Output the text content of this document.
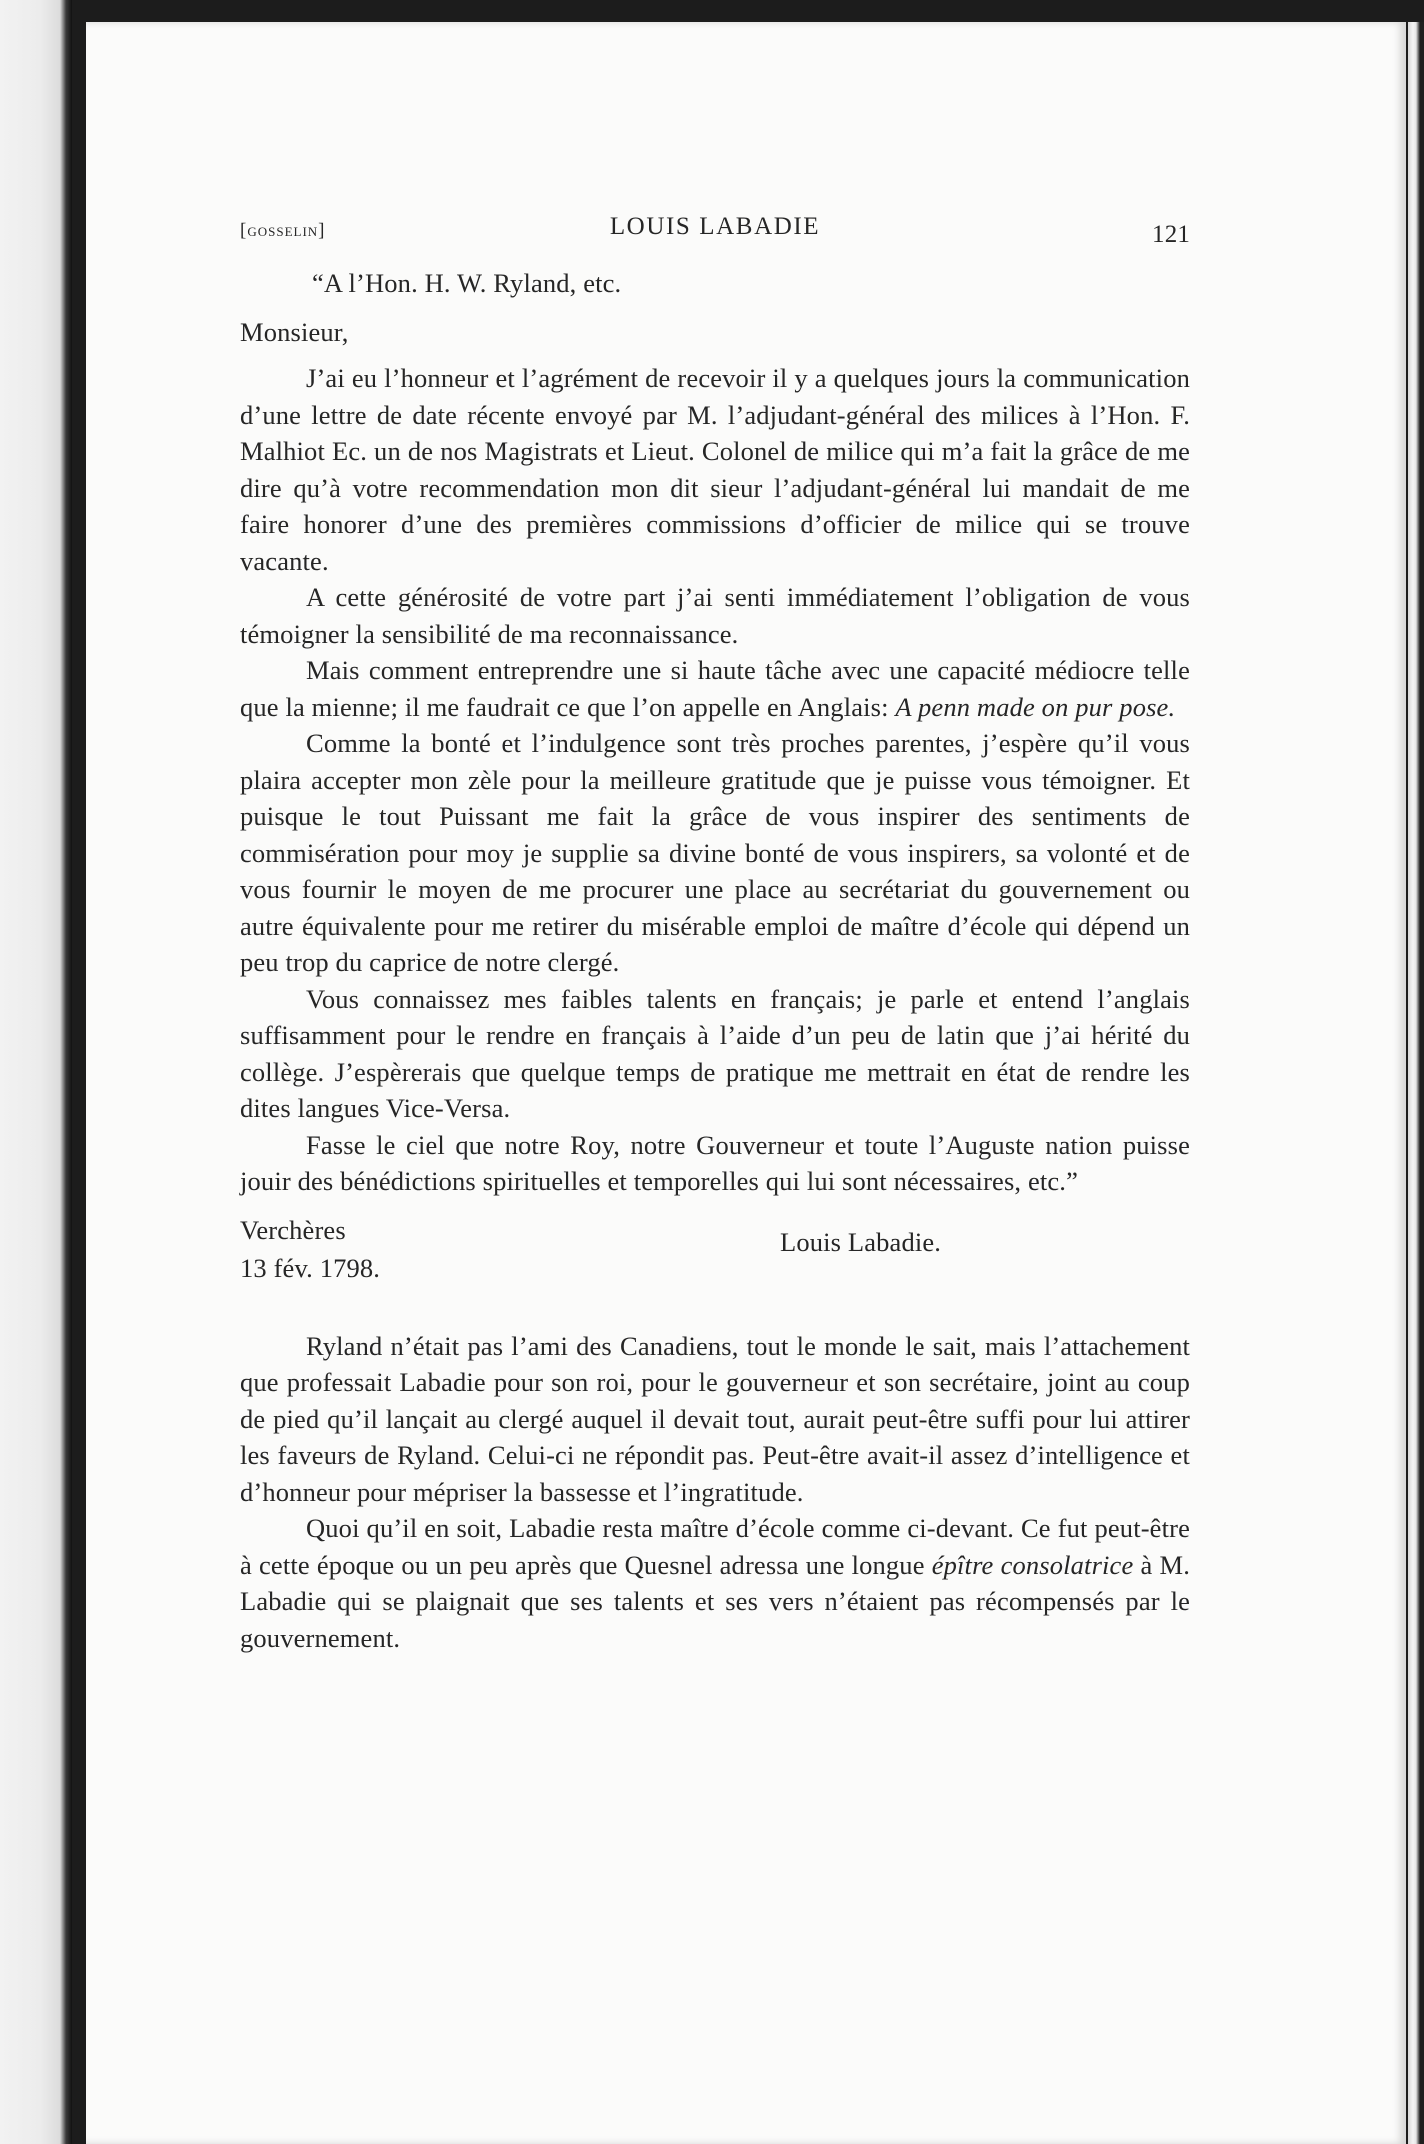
[gosselin]	LOUIS LABADIE	121
“A l’Hon. H. W. Ryland, etc.
Monsieur,

J’ai eu l’honneur et l’agrément de recevoir il y a quelques jours la communication d’une lettre de date récente envoyé par M. l’adjudant-général des milices à l’Hon. F. Malhiot Ec. un de nos Magistrats et Lieut. Colonel de milice qui m’a fait la grâce de me dire qu’à votre recommendation mon dit sieur l’adjudant-général lui mandait de me faire honorer d’une des premières commissions d’officier de milice qui se trouve vacante.

A cette générosité de votre part j’ai senti immédiatement l’obligation de vous témoigner la sensibilité de ma reconnaissance.

Mais comment entreprendre une si haute tâche avec une capacité médiocre telle que la mienne; il me faudrait ce que l’on appelle en Anglais: A penn made on pur pose.

Comme la bonté et l’indulgence sont très proches parentes, j’espère qu’il vous plaira accepter mon zèle pour la meilleure gratitude que je puisse vous témoigner. Et puisque le tout Puissant me fait la grâce de vous inspirer des sentiments de commisération pour moy je supplie sa divine bonté de vous inspirers, sa volonté et de vous fournir le moyen de me procurer une place au secrétariat du gouvernement ou autre équivalente pour me retirer du misérable emploi de maître d’école qui dépend un peu trop du caprice de notre clergé.

Vous connaissez mes faibles talents en français; je parle et entend l’anglais suffisamment pour le rendre en français à l’aide d’un peu de latin que j’ai hérité du collège. J’espèrerais que quelque temps de pratique me mettrait en état de rendre les dites langues Vice-Versa.

Fasse le ciel que notre Roy, notre Gouverneur et toute l’Auguste nation puisse jouir des bénédictions spirituelles et temporelles qui lui sont nécessaires, etc.”

Verchères
13 fév. 1798.
Louis Labadie.

Ryland n’était pas l’ami des Canadiens, tout le monde le sait, mais l’attachement que professait Labadie pour son roi, pour le gouverneur et son secrétaire, joint au coup de pied qu’il lançait au clergé auquel il devait tout, aurait peut-être suffi pour lui attirer les faveurs de Ryland. Celui-ci ne répondit pas. Peut-être avait-il assez d’intelligence et d’honneur pour mépriser la bassesse et l’ingratitude.

Quoi qu’il en soit, Labadie resta maître d’école comme ci-devant. Ce fut peut-être à cette époque ou un peu après que Quesnel adressa une longue épître consolatrice à M. Labadie qui se plaignait que ses talents et ses vers n’étaient pas récompensés par le gouvernement.
